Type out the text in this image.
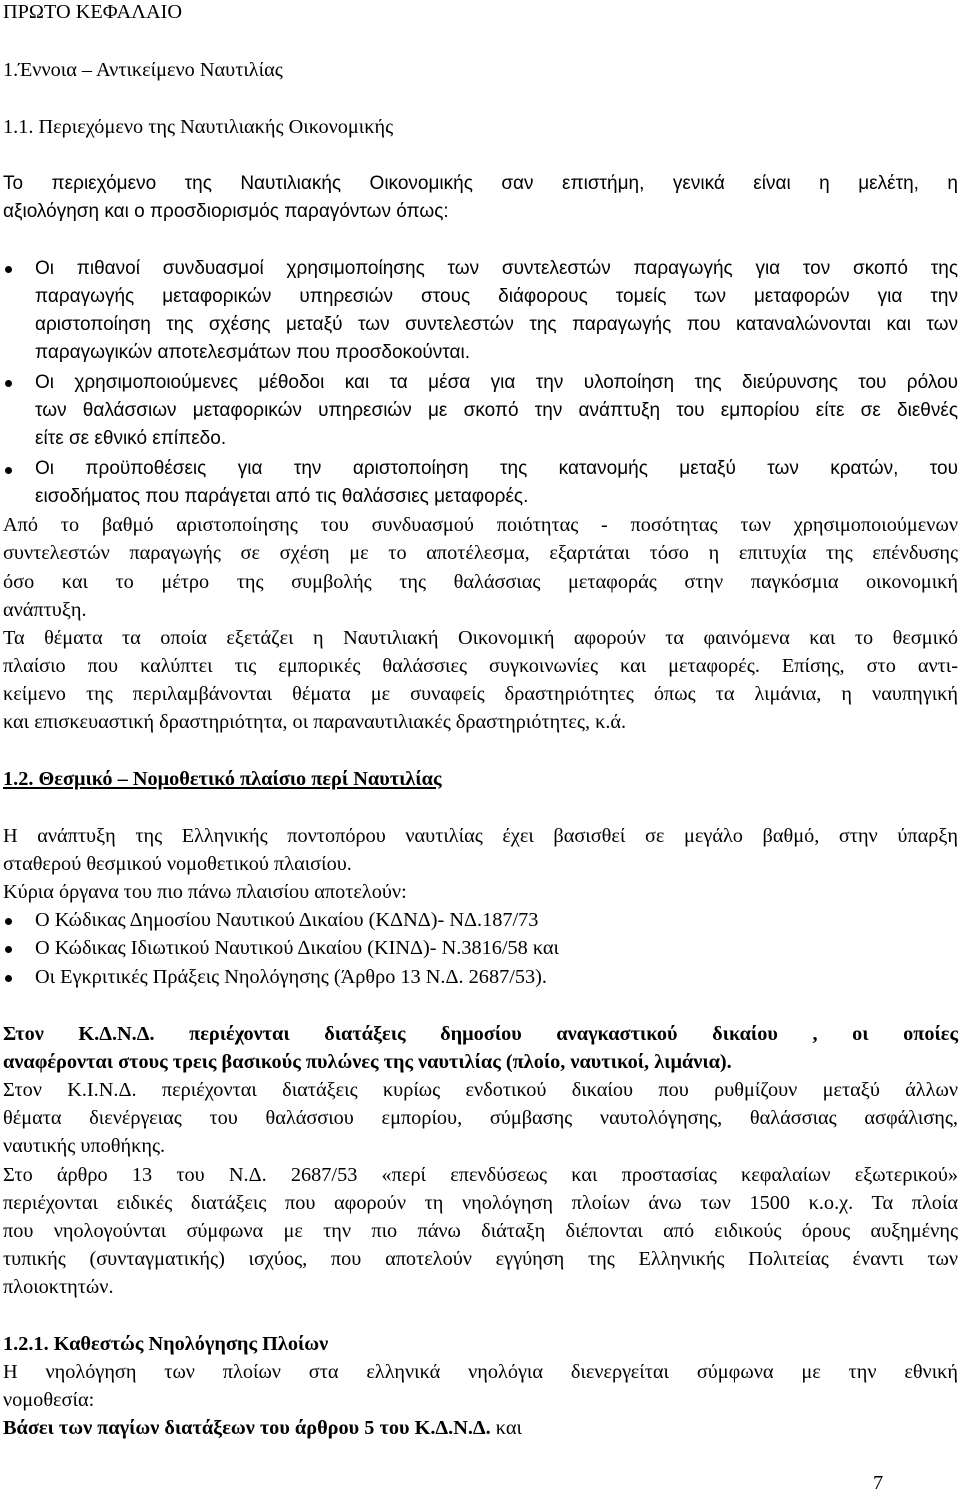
ΠΡΩΤΟ ΚΕΦΑΛΑΙΟ
1.Έννοια – Αντικείμενο Ναυτιλίας
1.1. Περιεχόμενο της Ναυτιλιακής Οικονομικής
Το περιεχόμενο της Ναυτιλιακής Οικονομικής σαν επιστήμη, γενικά είναι η μελέτη, η
αξιολόγηση και ο προσδιορισμός παραγόντων όπως:
Οι πιθανοί συνδυασμοί χρησιμοποίησης των συντελεστών παραγωγής για τον σκοπό της
παραγωγής μεταφορικών υπηρεσιών στους διάφορους τομείς των μεταφορών για την
αριστοποίηση της σχέσης μεταξύ των συντελεστών της παραγωγής που καταναλώνονται και των
παραγωγικών αποτελεσμάτων που προσδοκούνται.
Οι χρησιμοποιούμενες μέθοδοι και τα μέσα για την υλοποίηση της διεύρυνσης του ρόλου
των θαλάσσιων μεταφορικών υπηρεσιών με σκοπό την ανάπτυξη του εμπορίου είτε σε διεθνές
είτε σε εθνικό επίπεδο.
Οι προϋποθέσεις για την αριστοποίηση της κατανομής μεταξύ των κρατών, του
εισοδήματος που παράγεται από τις θαλάσσιες μεταφορές.
Από το βαθμό αριστοποίησης του συνδυασμού ποιότητας - ποσότητας των χρησιμοποιούμενων
συντελεστών παραγωγής σε σχέση με το αποτέλεσμα, εξαρτάται τόσο η επιτυχία της επένδυσης
όσο και το μέτρο της συμβολής της θαλάσσιας μεταφοράς στην παγκόσμια οικονομική
ανάπτυξη.
Τα θέματα τα οποία εξετάζει η Ναυτιλιακή Οικονομική αφορούν τα φαινόμενα και το θεσμικό
πλαίσιο που καλύπτει τις εμπορικές θαλάσσιες συγκοινωνίες και μεταφορές. Επίσης, στο αντι-
κείμενο της περιλαμβάνονται θέματα με συναφείς δραστηριότητες όπως τα λιμάνια, η ναυπηγική
και επισκευαστική δραστηριότητα, οι παραναυτιλιακές δραστηριότητες, κ.ά.
1.2. Θεσμικό – Νομοθετικό πλαίσιο περί Ναυτιλίας
Η ανάπτυξη της Ελληνικής ποντοπόρου ναυτιλίας έχει βασισθεί σε μεγάλο βαθμό, στην ύπαρξη
σταθερού θεσμικού νομοθετικού πλαισίου.
Κύρια όργανα του πιο πάνω πλαισίου αποτελούν:
Ο Κώδικας Δημοσίου Ναυτικού Δικαίου (ΚΔΝΔ)- ΝΔ.187/73
Ο Κώδικας Ιδιωτικού Ναυτικού Δικαίου (ΚΙΝΔ)- Ν.3816/58 και
Οι Εγκριτικές Πράξεις Νηολόγησης (Άρθρο 13 Ν.Δ. 2687/53).
Στον Κ.Δ.Ν.Δ. περιέχονται διατάξεις δημοσίου αναγκαστικού δικαίου , οι οποίες
αναφέρονται στους τρεις βασικούς πυλώνες της ναυτιλίας (πλοίο, ναυτικοί, λιμάνια).
Στον Κ.Ι.Ν.Δ. περιέχονται διατάξεις κυρίως ενδοτικού δικαίου που ρυθμίζουν μεταξύ άλλων
θέματα διενέργειας του θαλάσσιου εμπορίου, σύμβασης ναυτολόγησης, θαλάσσιας ασφάλισης,
ναυτικής υποθήκης.
Στο άρθρο 13 του Ν.Δ. 2687/53 «περί επενδύσεως και προστασίας κεφαλαίων εξωτερικού»
περιέχονται ειδικές διατάξεις που αφορούν τη νηολόγηση πλοίων άνω των 1500 κ.ο.χ. Τα πλοία
που νηολογούνται σύμφωνα με την πιο πάνω διάταξη διέπονται από ειδικούς όρους αυξημένης
τυπικής (συνταγματικής) ισχύος, που αποτελούν εγγύηση της Ελληνικής Πολιτείας έναντι των
πλοιοκτητών.
1.2.1. Καθεστώς Νηολόγησης Πλοίων
Η νηολόγηση των πλοίων στα ελληνικά νηολόγια διενεργείται σύμφωνα με την εθνική
νομοθεσία:
Βάσει των παγίων διατάξεων του άρθρου 5 του Κ.Δ.Ν.Δ. και
7
